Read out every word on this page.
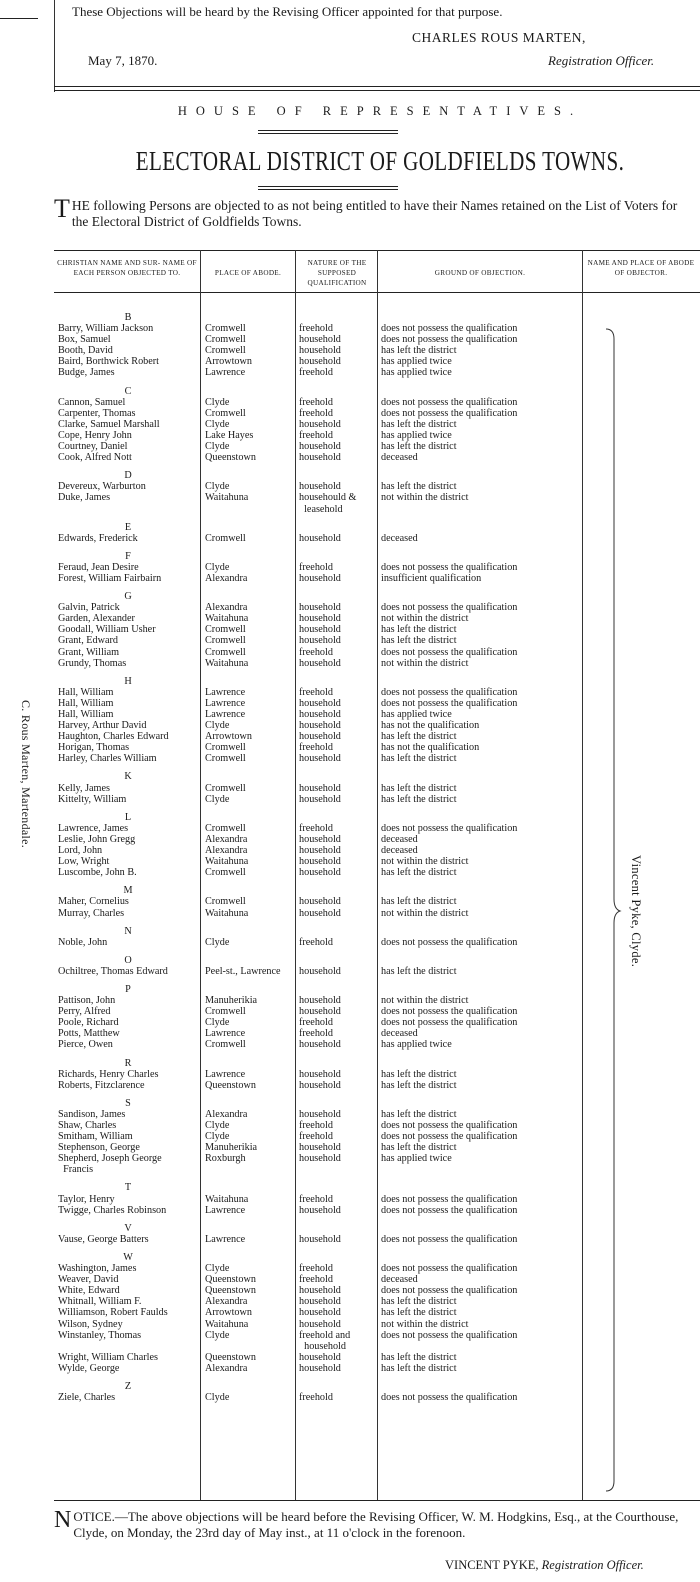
These Objections will be heard by the Revising Officer appointed for that purpose.
CHARLES ROUS MARTEN,
May 7, 1870.	Registration Officer.
HOUSE OF REPRESENTATIVES.
ELECTORAL DISTRICT OF GOLDFIELDS TOWNS.
THE following Persons are objected to as not being entitled to have their Names retained on the List of Voters for the Electoral District of Goldfields Towns.
CHRISTIAN NAME AND SUR- NAME OF EACH PERSON OBJECTED TO.	PLACE OF ABODE.
NATURE OF THE SUPPOSED QUALIFICATION
GROUND OF OBJECTION.
NAME AND PLACE OF ABODE OF OBJECTOR.
B
Barry, William Jackson
Box, Samuel
Booth, David
Baird, Borthwick Robert
Budge, James
C
Cannon, Samuel
Carpenter, Thomas
Clarke, Samuel Marshall
Cope, Henry John
Courtney, Daniel
Cook, Alfred Nott
D
Devereux, Warburton
Duke, James
E
Edwards, Frederick
F
Feraud, Jean Desire
Forest, William Fairbairn
G
Galvin, Patrick
Garden, Alexander
Goodall, William Usher
Grant, Edward
Grant, William
Grundy, Thomas
H
Hall, William
Hall, William
Hall, William
Harvey, Arthur David
Haughton, Charles Edward
Horigan, Thomas
Harley, Charles William
K
Kelly, James
Kittelty, William
L
Lawrence, James
Leslie, John Gregg
Lord, John
Low, Wright
Luscombe, John B.
M
Maher, Cornelius
Murray, Charles
N
Noble, John
O
Ochiltree, Thomas Edward
P
Pattison, John
Perry, Alfred
Poole, Richard
Potts, Matthew
Pierce, Owen
R
Richards, Henry Charles
Roberts, Fitzclarence
S
Sandison, James
Shaw, Charles
Smitham, William
Stephenson, George
Shepherd, Joseph George
Francis
T
Taylor, Henry
Twigge, Charles Robinson
V
Vause, George Batters
W
Washington, James
Weaver, David
White, Edward
Whitnall, William F.
Williamson, Robert Faulds
Wilson, Sydney
Winstanley, Thomas
Wright, William Charles
Wylde, George
Z
Ziele, Charles
Cromwell
Cromwell
Cromwell
Arrowtown
Lawrence
Clyde
Cromwell
Clyde
Lake Hayes
Clyde
Queenstown
Clyde
Waitahuna
Cromwell
Clyde
Alexandra
Alexandra
Waitahuna
Cromwell
Cromwell
Cromwell
Waitahuna
Lawrence
Lawrence
Lawrence
Clyde
Arrowtown
Cromwell
Cromwell
Cromwell
Clyde
Cromwell
Alexandra
Alexandra
Waitahuna
Cromwell
Cromwell
Waitahuna
Clyde
Peel-st., Lawrence
Manuherikia
Cromwell
Clyde
Lawrence
Cromwell
Lawrence
Queenstown
Alexandra
Clyde
Clyde
Manuherikia
Roxburgh
Waitahuna
Lawrence
Lawrence
Clyde
Queenstown
Queenstown
Alexandra
Arrowtown
Waitahuna
Clyde
Queenstown
Alexandra
Clyde
freehold
household
household
household
freehold
freehold
freehold
household
freehold
household
household
household
househould &
leasehold
household
freehold
household
household
household
household
household
freehold
household
freehold
household
household
household
household
freehold
household
household
household
freehold
household
household
household
household
household
household
freehold
household
household
household
freehold
freehold
household
household
household
household
freehold
freehold
household
household
freehold
household
household
freehold
freehold
household
household
household
household
freehold and
household
household
household
freehold
does not possess the qualification
does not possess the qualification
has left the district
has applied twice
has applied twice
does not possess the qualification
does not possess the qualification
has left the district
has applied twice
has left the district
deceased
has left the district
not within the district
deceased
does not possess the qualification
insufficient qualification
does not possess the qualification
not within the district
has left the district
has left the district
does not possess the qualification
not within the district
does not possess the qualification
does not possess the qualification
has applied twice
has not the qualification
has left the district
has not the qualification
has left the district
has left the district
has left the district
does not possess the qualification
deceased
deceased
not within the district
has left the district
has left the district
not within the district
does not possess the qualification
has left the district
not within the district
does not possess the qualification
does not possess the qualification
deceased
has applied twice
has left the district
has left the district
has left the district
does not possess the qualification
does not possess the qualification
has left the district
has applied twice
does not possess the qualification
does not possess the qualification
does not possess the qualification
does not possess the qualification
deceased
does not possess the qualification
has left the district
has left the district
not within the district
does not possess the qualification
has left the district
has left the district
does not possess the qualification
Vincent Pyke, Clyde.
C. Rous Marten, Martendale.
NOTICE.—The above objections will be heard before the Revising Officer, W. M. Hodgkins, Esq., at the Courthouse, Clyde, on Monday, the 23rd day of May inst., at 11 o'clock in the forenoon.
VINCENT PYKE, Registration Officer.
